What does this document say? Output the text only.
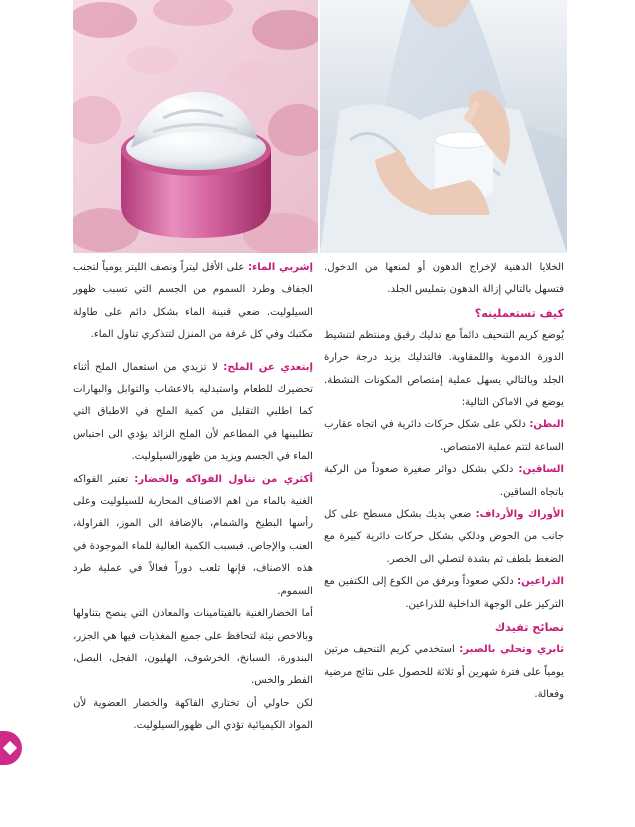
إشربي الماء: على الأقل ليتراً ونصف الليتر يومياً لتجنب الجفاف وطرد السموم من الجسم التي تسبب ظهور السيلوليت. ضعي قنينة الماء بشكل دائم على طاولة مكتبك وفي كل غرفة من المنزل لتتذكري تناول الماء.

إبتعدي عن الملح: لا تزيدي من استعمال الملح أثناء تحضيرك للطعام واستبدليه بالاعشاب والتوابل والبهارات كما اطلبي التقليل من كمية الملح في الاطباق التي تطلبينها في المطاعم لأن الملح الزائد يؤدي الى احتباس الماء في الجسم ويزيد من ظهورالسيلوليت.

أكثري من تناول الفواكه والخضار: تعتبر الفواكه الغنية بالماء من اهم الاصناف المحاربة للسيلوليت وعلى رأسها البطيخ والشمام، بالإضافة الى الموز، الفراولة، العنب والإجاص. فبسبب الكمية العالية للماء الموجودة في هذه الاصناف، فإنها تلعب دوراً فعالاً في عملية طرد السموم.

أما الخضارالغنية بالفيتامينات والمعادن التي ينصح بتناولها وبالاخص نيئة لتحافظ على جميع المغذيات فيها هي الجزر، البندورة، السبانخ، الخرشوف، الهليون، الفجل، البصل، الفطر والخس.

لكن حاولي أن تختاري الفاكهة والخضار العضوية لأن المواد الكيميائية تؤدي الى ظهورالسيلوليت.

الخلايا الدهنية لإخراج الدهون أو لمنعها من الدخول. فتسهل بالتالي إزالة الدهون بتمليس الجلد.

كيف تستعملينه؟

يُوضع كريم التنحيف دائماً مع تدليك رقيق ومنتظم لتنشيط الدورة الدموية واللمفاوية. فالتدليك يزيد درجة حرارة الجلد وبالتالي يسهل عملية إمتصاص المكونات النشطة. يوضع في الاماكن التالية:

البطن: دلكي على شكل حركات دائرية في اتجاه عقارب الساعة لتتم عملية الامتصاص.

الساقين: دلكي بشكل دوائر صغيرة صعوداً من الركبة باتجاه الساقين.

الأوراك والأرداف: ضعي يديك بشكل مسطح على كل جانب من الحوض ودلكي بشكل حركات دائرية كبيرة مع الضغط بلطف ثم بشدة لتصلي الى الخصر.

الذراعين: دلكي صعوداً وبرفق من الكوع إلى الكتفين مع التركيز على الوجهة الداخلية للذراعين.

نصائح تفيدك

ثابري وتحلي بالصبر: استخدمي كريم التنحيف مرتين يومياً على فترة شهرين أو ثلاثة للحصول على نتائج مرضية وفعالة.
